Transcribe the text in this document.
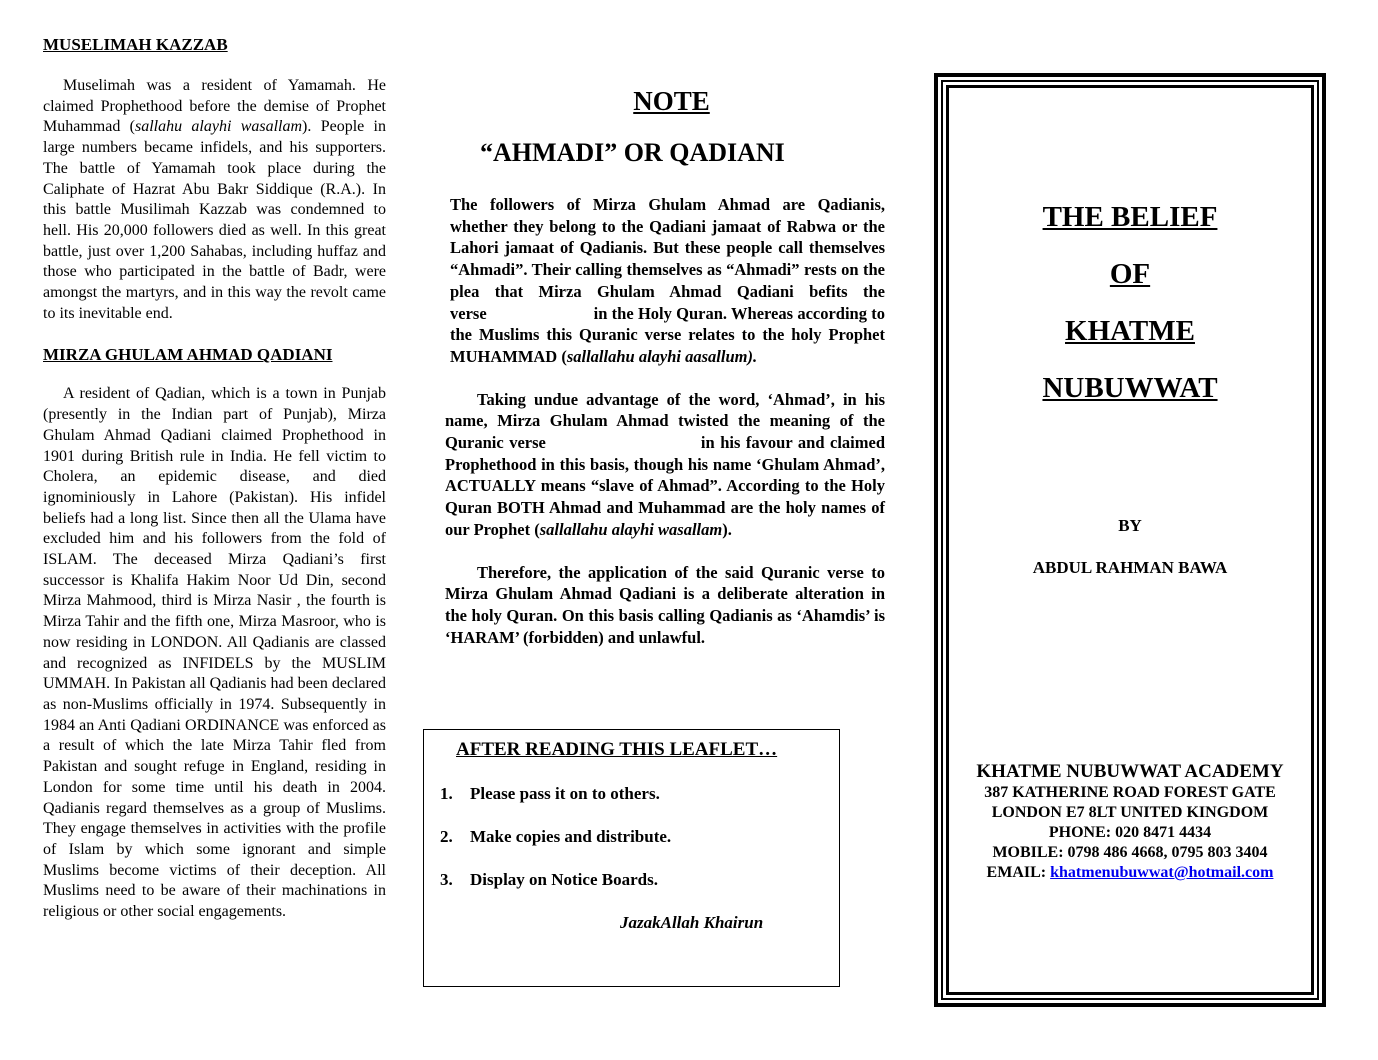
MUSELIMAH KAZZAB

Muselimah was a resident of Yamamah. He claimed Prophethood before the demise of Prophet Muhammad (sallahu alayhi wasallam). People in large numbers became infidels, and his supporters. The battle of Yamamah took place during the Caliphate of Hazrat Abu Bakr Siddique (R.A.). In this battle Musilimah Kazzab was condemned to hell. His 20,000 followers died as well. In this great battle, just over 1,200 Sahabas, including huffaz and those who participated in the battle of Badr, were amongst the martyrs, and in this way the revolt came to its inevitable end.

MIRZA GHULAM AHMAD QADIANI

A resident of Qadian, which is a town in Punjab (presently in the Indian part of Punjab), Mirza Ghulam Ahmad Qadiani claimed Prophethood in 1901 during British rule in India. He fell victim to Cholera, an epidemic disease, and died ignominiously in Lahore (Pakistan). His infidel beliefs had a long list. Since then all the Ulama have excluded him and his followers from the fold of ISLAM. The deceased Mirza Qadiani’s first successor is Khalifa Hakim Noor Ud Din, second Mirza Mahmood, third is Mirza Nasir , the fourth is Mirza Tahir and the fifth one, Mirza Masroor, who is now residing in LONDON. All Qadianis are classed and recognized as INFIDELS by the MUSLIM UMMAH. In Pakistan all Qadianis had been declared as non-Muslims officially in 1974. Subsequently in 1984 an Anti Qadiani ORDINANCE was enforced as a result of which the late Mirza Tahir fled from Pakistan and sought refuge in England, residing in London for some time until his death in 2004. Qadianis regard themselves as a group of Muslims. They engage themselves in activities with the profile of Islam by which some ignorant and simple Muslims become victims of their deception. All Muslims need to be aware of their machinations in religious or other social engagements.

NOTE
“AHMADI” OR QADIANI

The followers of Mirza Ghulam Ahmad are Qadianis, whether they belong to the Qadiani jamaat of Rabwa or the Lahori jamaat of Qadianis. But these people call themselves “Ahmadi”. Their calling themselves as “Ahmadi” rests on the plea that Mirza Ghulam Ahmad Qadiani befits the verse	in the Holy Quran. Whereas according to the Muslims this Quranic verse relates to the holy Prophet MUHAMMAD (sallallahu alayhi aasallum).

Taking undue advantage of the word, ‘Ahmad’, in his name, Mirza Ghulam Ahmad twisted the meaning of the Quranic verse	in his favour and claimed Prophethood in this basis, though his name ‘Ghulam Ahmad’, ACTUALLY means “slave of Ahmad”. According to the Holy Quran BOTH Ahmad and Muhammad are the holy names of our Prophet (sallallahu alayhi wasallam).

Therefore, the application of the said Quranic verse to Mirza Ghulam Ahmad Qadiani is a deliberate alteration in the holy Quran. On this basis calling Qadianis as ‘Ahamdis’ is ‘HARAM’ (forbidden) and unlawful.

AFTER READING THIS LEAFLET…
1.	Please pass it on to others.
2.	Make copies and distribute.
3.	Display on Notice Boards.
JazakAllah Khairun

THE BELIEF

OF

KHATME

NUBUWWAT

BY
ABDUL RAHMAN BAWA
KHATME NUBUWWAT ACADEMY
387 KATHERINE ROAD FOREST GATE
LONDON E7 8LT UNITED KINGDOM
PHONE: 020 8471 4434
MOBILE: 0798 486 4668, 0795 803 3404
EMAIL: khatmenubuwwat@hotmail.com
